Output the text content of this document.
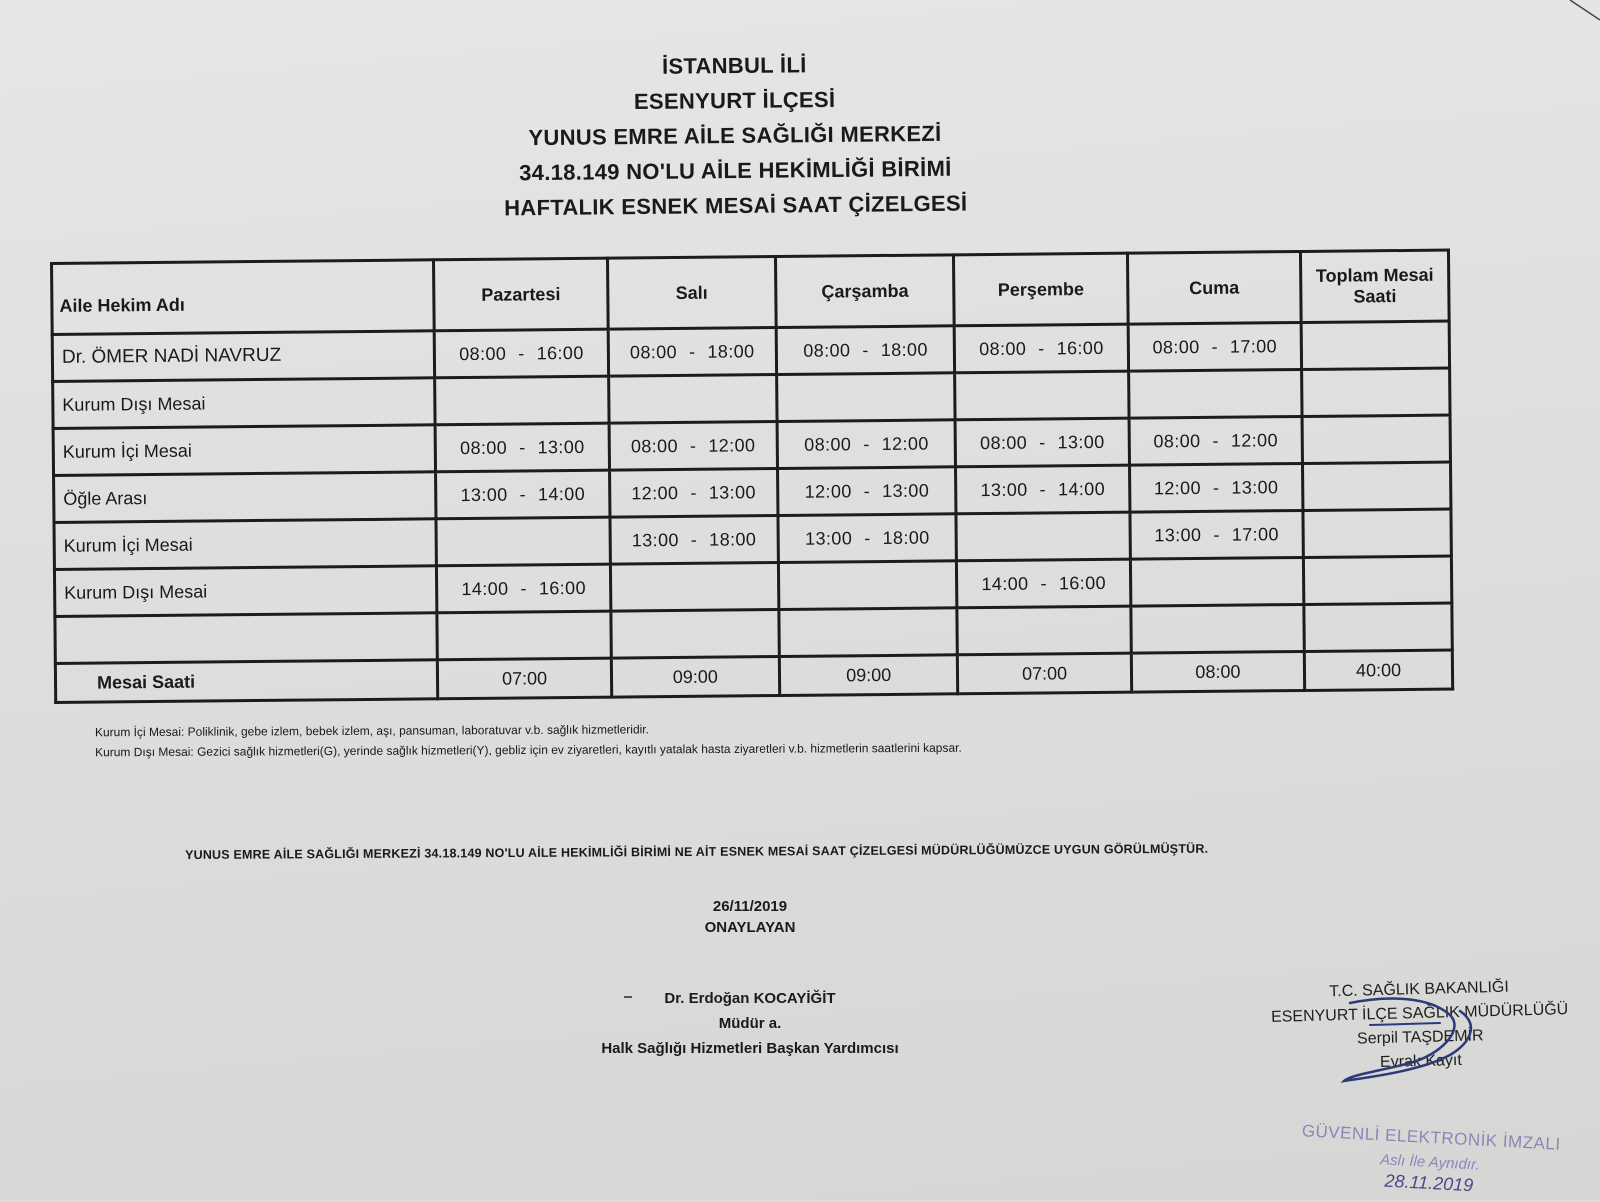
İSTANBUL İLİ
ESENYURT İLÇESİ
YUNUS EMRE AİLE SAĞLIĞI MERKEZİ
34.18.149 NO'LU AİLE HEKİMLİĞİ BİRİMİ
HAFTALIK ESNEK MESAİ SAAT ÇİZELGESİ
Aile Hekim Adı	Pazartesi	Salı	Çarşamba	Perşembe	Cuma	Toplam Mesai Saati
Dr. ÖMER NADİ NAVRUZ	08:00 - 16:00	08:00 - 18:00	08:00 - 18:00	08:00 - 16:00	08:00 - 17:00	
Kurum Dışı Mesai						
Kurum İçi Mesai	08:00 - 13:00	08:00 - 12:00	08:00 - 12:00	08:00 - 13:00	08:00 - 12:00	
Öğle Arası	13:00 - 14:00	12:00 - 13:00	12:00 - 13:00	13:00 - 14:00	12:00 - 13:00	
Kurum İçi Mesai		13:00 - 18:00	13:00 - 18:00		13:00 - 17:00	
Kurum Dışı Mesai	14:00 - 16:00			14:00 - 16:00		

Mesai Saati	07:00	09:00	09:00	07:00	08:00	40:00
Kurum İçi Mesai: Poliklinik, gebe izlem, bebek izlem, aşı, pansuman, laboratuvar v.b. sağlık hizmetleridir.
Kurum Dışı Mesai: Gezici sağlık hizmetleri(G), yerinde sağlık hizmetleri(Y), gebliz için ev ziyaretleri, kayıtlı yatalak hasta ziyaretleri v.b. hizmetlerin saatlerini kapsar.
YUNUS EMRE AİLE SAĞLIĞI MERKEZİ 34.18.149 NO'LU AİLE HEKİMLİĞİ BİRİMİ NE AİT ESNEK MESAİ SAAT ÇİZELGESİ MÜDÜRLÜĞÜMÜZCE UYGUN GÖRÜLMÜŞTÜR.
26/11/2019
ONAYLAYAN
Dr. Erdoğan KOCAYİĞİT
Müdür a.
Halk Sağlığı Hizmetleri Başkan Yardımcısı
T.C. SAĞLIK BAKANLIĞI
ESENYURT İLÇE SAĞLIK MÜDÜRLÜĞÜ
Serpil TAŞDEMİR
Evrak Kayıt
GÜVENLİ ELEKTRONİK İMZALI
Aslı İle Aynıdır.
28.11.2019
